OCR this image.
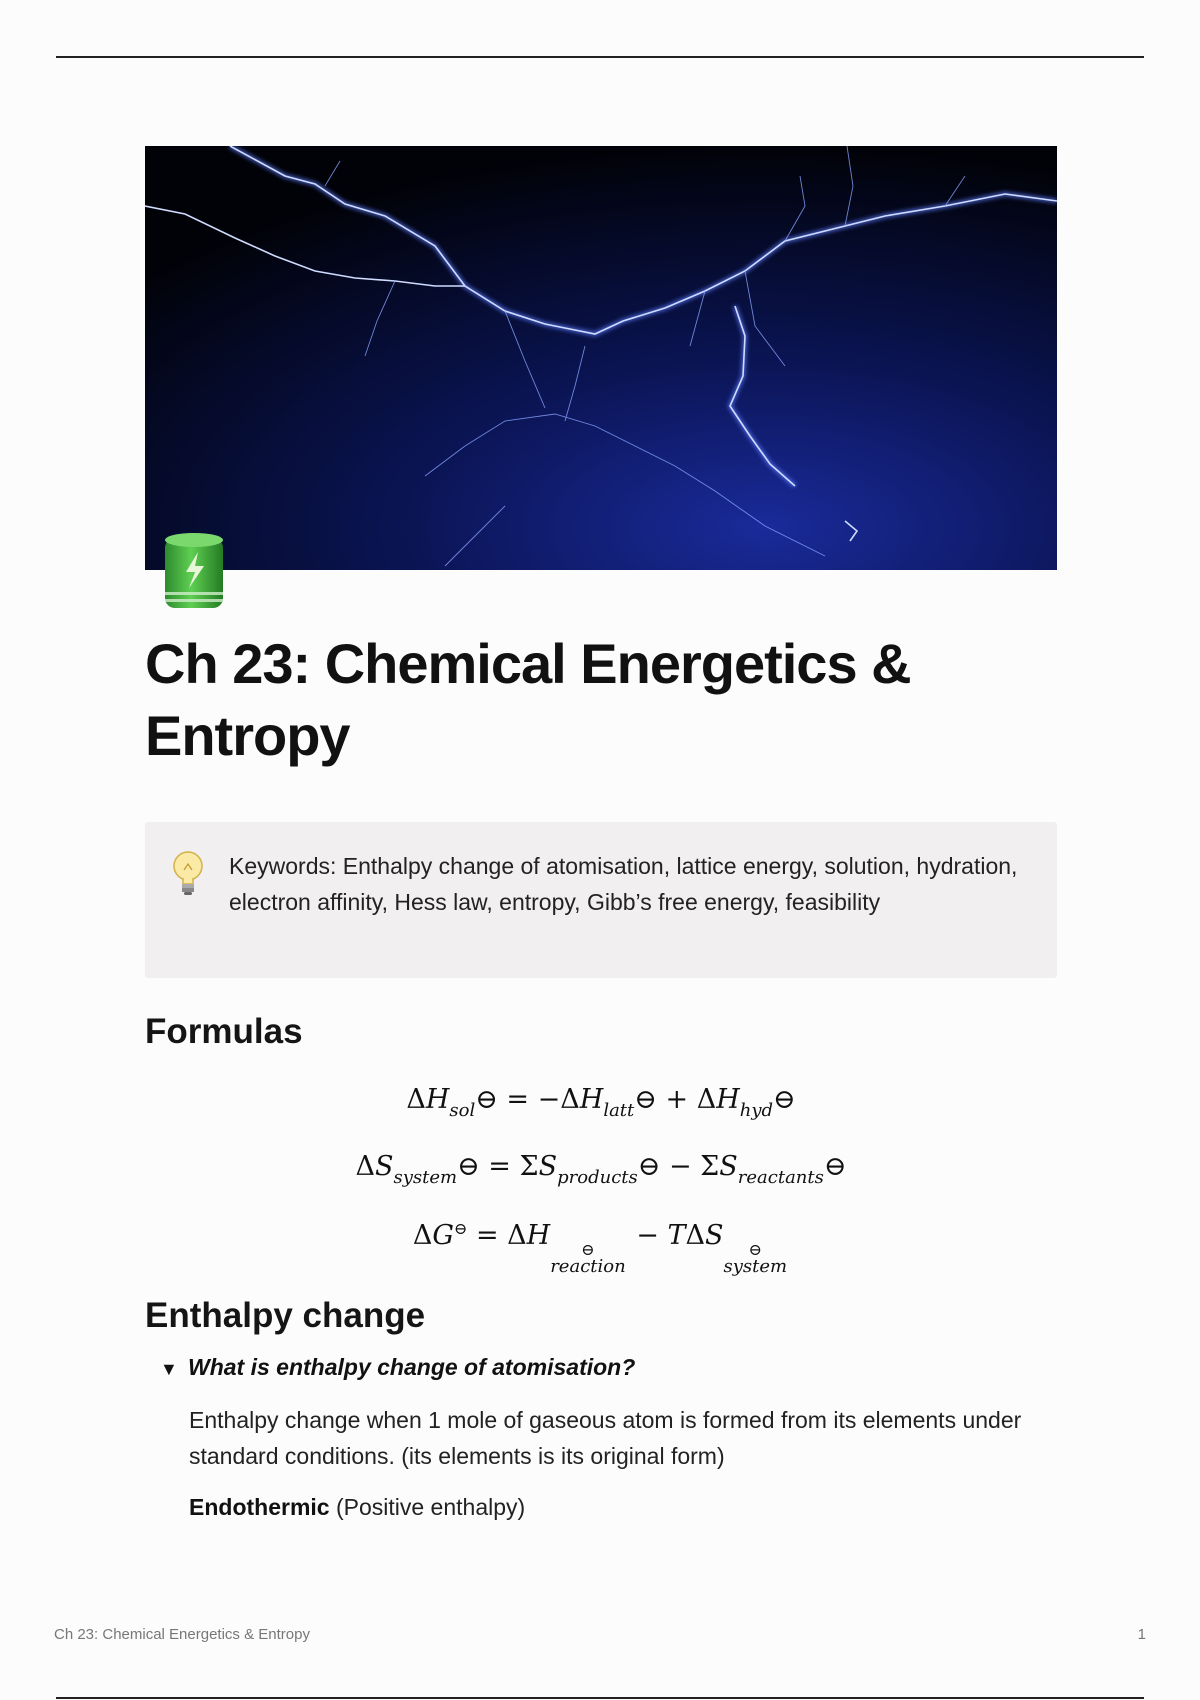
Ch 23: Chemical Energetics & Entropy
Keywords: Enthalpy change of atomisation, lattice energy, solution, hydration, electron affinity, Hess law, entropy, Gibb’s free energy, feasibility
Formulas
$\Delta H_{sol}⊖$ = $-\Delta H_{latt}⊖$ + $\Delta H_{hyd}⊖$
$\Delta S_{system}⊖$ = $\Sigma S_{products}⊖$ − $\Sigma S_{reactants}⊖$
ΔG⊖ = ΔH	⊖
reaction
− TΔS	⊖
system
Enthalpy change
▼ What is enthalpy change of atomisation?
Enthalpy change when 1 mole of gaseous atom is formed from its elements under standard conditions. (its elements is its original form)
Endothermic (Positive enthalpy)
Ch 23: Chemical Energetics & Entropy	1
